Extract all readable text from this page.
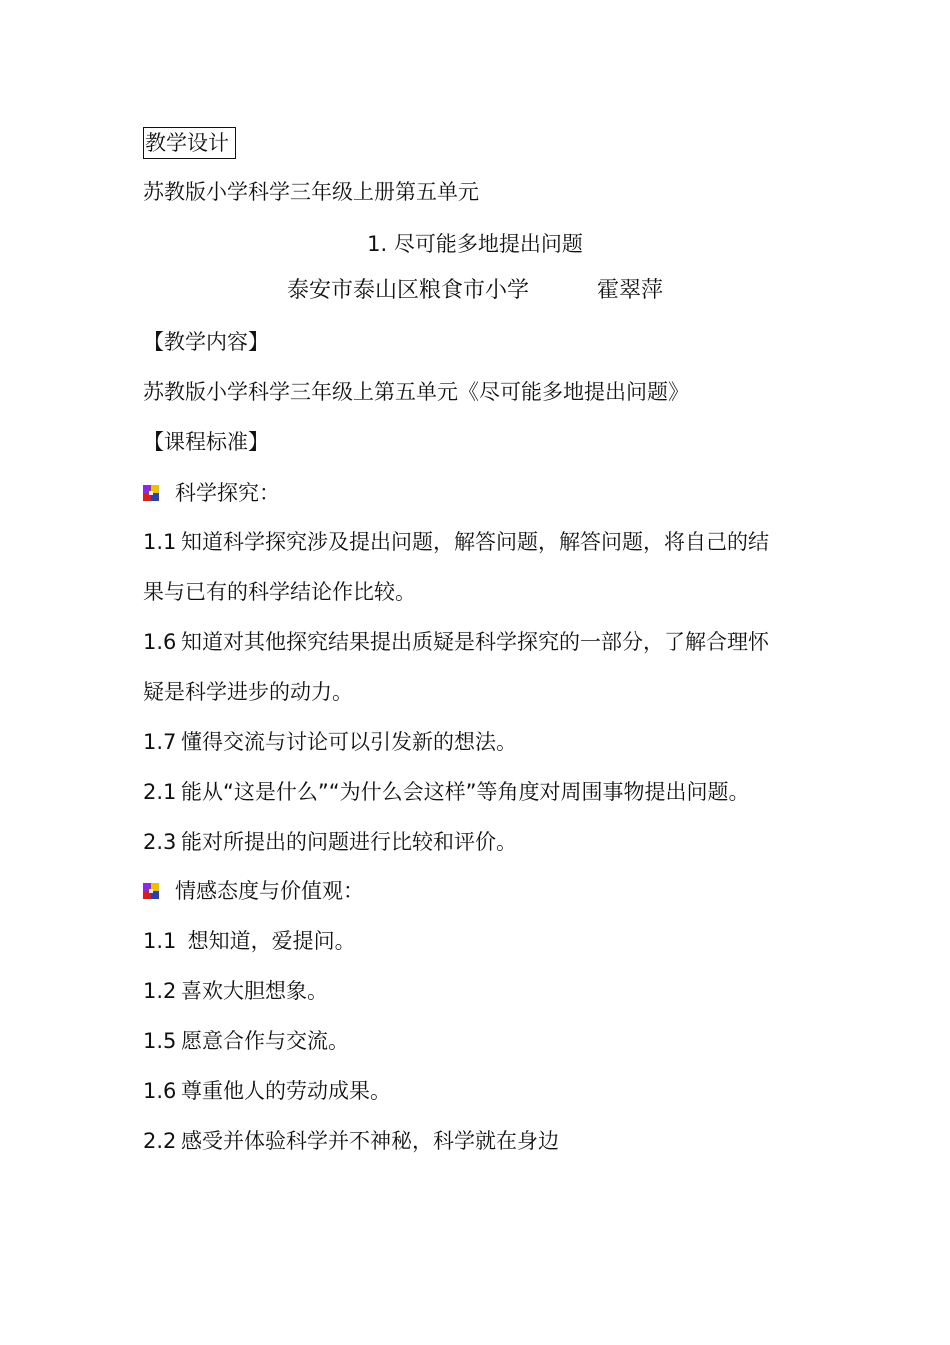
教学设计
苏教版小学科学三年级上册第五单元
1. 尽可能多地提出问题
泰安市泰山区粮食市小学	霍翠萍
【教学内容】
苏教版小学科学三年级上第五单元《尽可能多地提出问题》
【课程标准】
科学探究：
1.1 知道科学探究涉及提出问题，解答问题，解答问题，将自己的结
果与已有的科学结论作比较。
1.6 知道对其他探究结果提出质疑是科学探究的一部分，了解合理怀
疑是科学进步的动力。
1.7 懂得交流与讨论可以引发新的想法。
2.1 能从“这是什么”“为什么会这样”等角度对周围事物提出问题。
2.3 能对所提出的问题进行比较和评价。
情感态度与价值观：
1.1 想知道，爱提问。
1.2 喜欢大胆想象。
1.5 愿意合作与交流。
1.6 尊重他人的劳动成果。
2.2 感受并体验科学并不神秘，科学就在身边
